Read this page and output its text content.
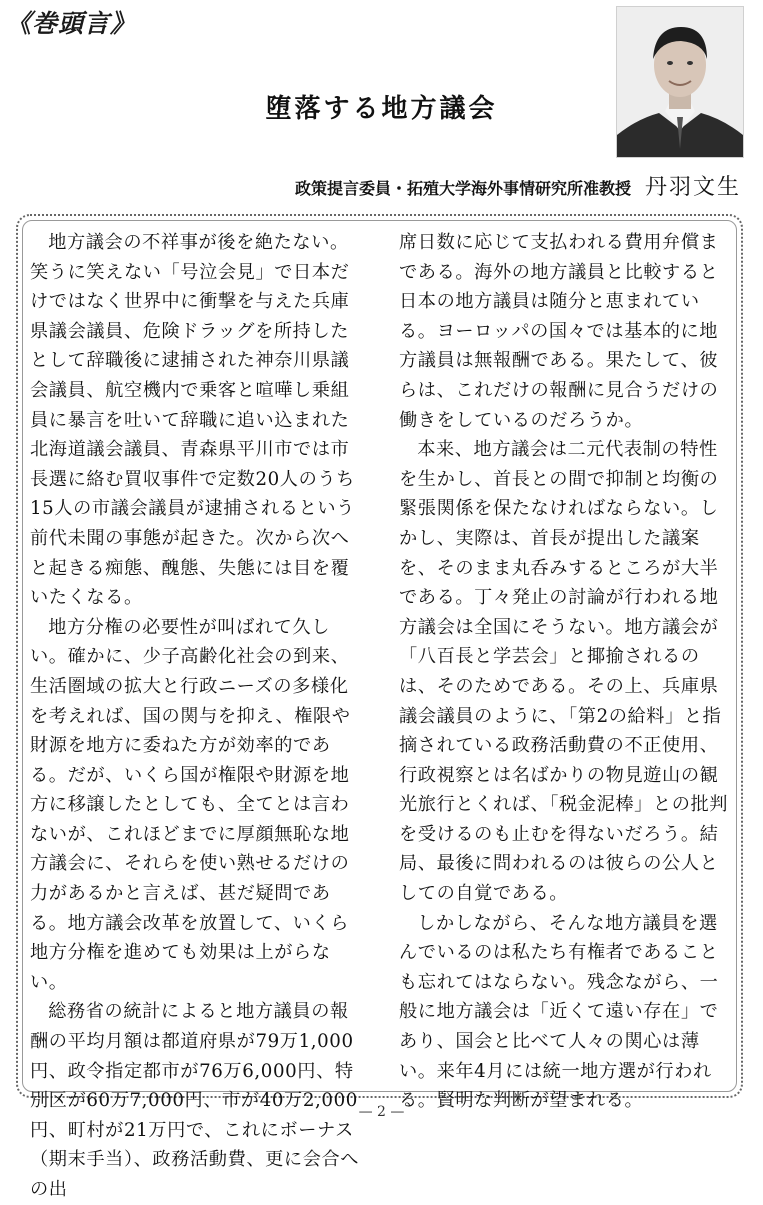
《巻頭言》
堕落する地方議会
政策提言委員・拓殖大学海外事情研究所准教授 丹羽文生

地方議会の不祥事が後を絶たない。笑うに笑えない「号泣会見」で日本だけではなく世界中に衝撃を与えた兵庫県議会議員、危険ドラッグを所持したとして辞職後に逮捕された神奈川県議会議員、航空機内で乗客と喧嘩し乗組員に暴言を吐いて辞職に追い込まれた北海道議会議員、青森県平川市では市長選に絡む買収事件で定数20人のうち15人の市議会議員が逮捕されるという前代未聞の事態が起きた。次から次へと起きる痴態、醜態、失態には目を覆いたくなる。

地方分権の必要性が叫ばれて久しい。確かに、少子高齢化社会の到来、生活圏域の拡大と行政ニーズの多様化を考えれば、国の関与を抑え、権限や財源を地方に委ねた方が効率的である。だが、いくら国が権限や財源を地方に移譲したとしても、全てとは言わないが、これほどまでに厚顔無恥な地方議会に、それらを使い熟せるだけの力があるかと言えば、甚だ疑問である。地方議会改革を放置して、いくら地方分権を進めても効果は上がらない。

総務省の統計によると地方議員の報酬の平均月額は都道府県が79万1,000円、政令指定都市が76万6,000円、特別区が60万7,000円、市が40万2,000円、町村が21万円で、これにボーナス（期末手当）、政務活動費、更に会合への出

席日数に応じて支払われる費用弁償まである。海外の地方議員と比較すると日本の地方議員は随分と恵まれている。ヨーロッパの国々では基本的に地方議員は無報酬である。果たして、彼らは、これだけの報酬に見合うだけの働きをしているのだろうか。

本来、地方議会は二元代表制の特性を生かし、首長との間で抑制と均衡の緊張関係を保たなければならない。しかし、実際は、首長が提出した議案を、そのまま丸呑みするところが大半である。丁々発止の討論が行われる地方議会は全国にそうない。地方議会が「八百長と学芸会」と揶揄されるのは、そのためである。その上、兵庫県議会議員のように、「第2の給料」と指摘されている政務活動費の不正使用、行政視察とは名ばかりの物見遊山の観光旅行とくれば、「税金泥棒」との批判を受けるのも止むを得ないだろう。結局、最後に問われるのは彼らの公人としての自覚である。

しかしながら、そんな地方議員を選んでいるのは私たち有権者であることも忘れてはならない。残念ながら、一般に地方議会は「近くて遠い存在」であり、国会と比べて人々の関心は薄い。来年4月には統一地方選が行われる。賢明な判断が望まれる。

— 2 —
